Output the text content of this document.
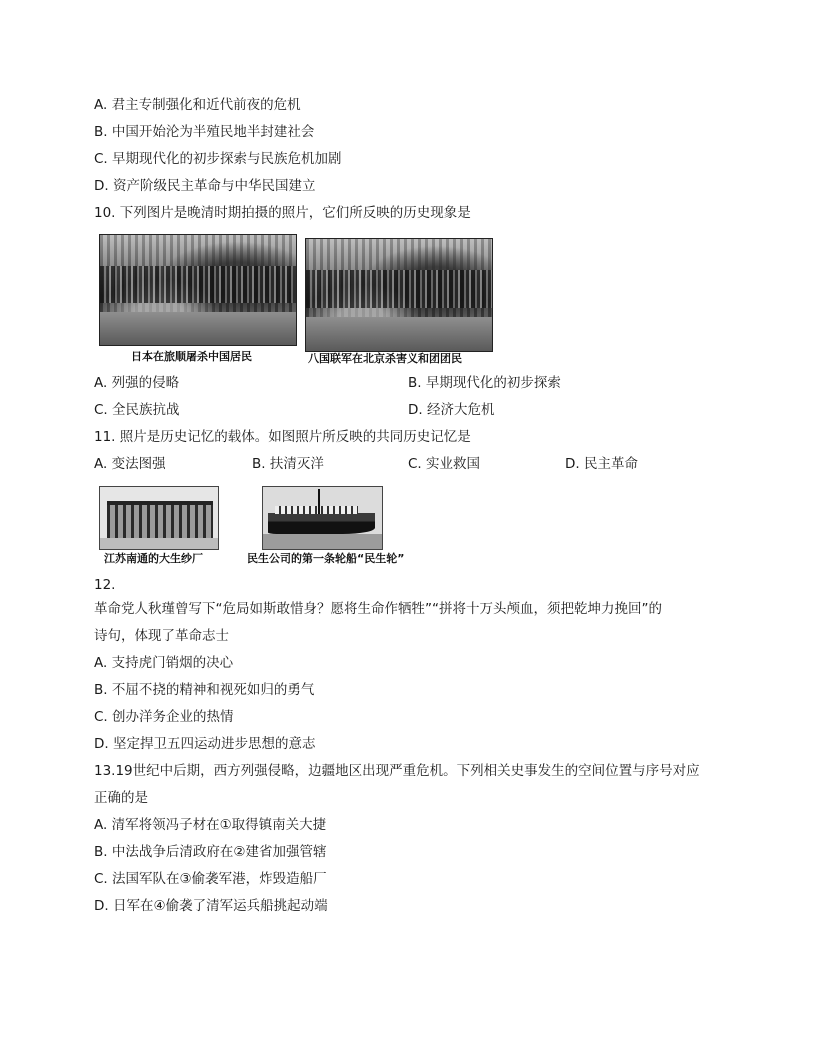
A. 君主专制强化和近代前夜的危机
B. 中国开始沦为半殖民地半封建社会
C. 早期现代化的初步探索与民族危机加剧
D. 资产阶级民主革命与中华民国建立
10. 下列图片是晚清时期拍摄的照片，它们所反映的历史现象是
日本在旅顺屠杀中国居民	八国联军在北京杀害义和团团民
A. 列强的侵略	B. 早期现代化的初步探索
C. 全民族抗战	D. 经济大危机
11. 照片是历史记忆的载体。如图照片所反映的共同历史记忆是
A. 变法图强	B. 扶清灭洋	C. 实业救国	D. 民主革命
江苏南通的大生纱厂	民生公司的第一条轮船“民生轮”
12.
革命党人秋瑾曾写下“危局如斯敢惜身？愿将生命作牺牲”“拼将十万头颅血，须把乾坤力挽回”的
诗句，体现了革命志士
A. 支持虎门销烟的决心
B. 不屈不挠的精神和视死如归的勇气
C. 创办洋务企业的热情
D. 坚定捍卫五四运动进步思想的意志
13.19世纪中后期，西方列强侵略，边疆地区出现严重危机。下列相关史事发生的空间位置与序号对应
正确的是
A. 清军将领冯子材在①取得镇南关大捷
B. 中法战争后清政府在②建省加强管辖
C. 法国军队在③偷袭军港，炸毁造船厂
D. 日军在④偷袭了清军运兵船挑起动端
